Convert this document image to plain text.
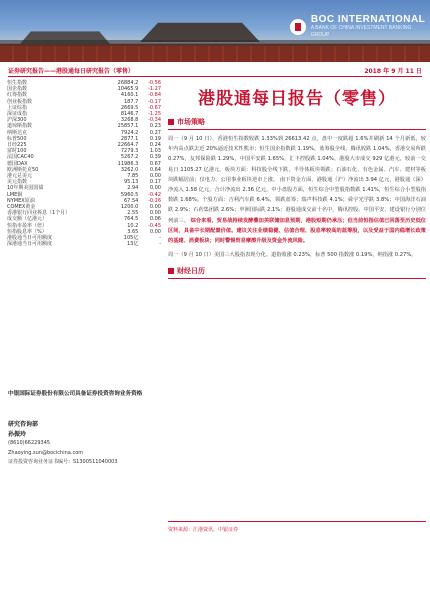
BOC INTERNATIONAL
A BANK OF CHINA INVESTMENT BANKING GROUP
证券研究报告——港股通每日研究报告（零售）	2018 年 9 月 11 日
恒生指数	26884.2	-0.56
国企指数	10465.9	-1.27
红筹指数	4160.1	-0.84
创业板指数	187.7	-0.17
上证综指	2669.5	-0.67
深证成指	8146.7	-1.25
沪深300	3268.8	-0.34
道琼斯指数	25857.1	0.23
纳斯达克	7924.2	0.27
标普500	2877.1	0.19
日经225	22664.7	0.24
富时100	7279.3	1.03
法国CAC40	5267.2	0.39
德国DAX	11986.3	0.67
欧洲斯托克50	3262.0	0.64
港元兑美元	7.85	0.00
美元指数	95.13	0.17
10年期美国国债	2.94	0.00
LME铜	5960.5	-0.42
NYMEX原油	67.54	-0.26
COMEX黄金	1200.0	0.00
香港银行同业拆息（1个月）	2.55	0.00
成交额（亿港元）	764.5	0.06
恒指市盈率（倍）	10.2	-0.45
恒指股息率（%）	3.65	0.00
港股通当日可用额度	105亿	-
深港通当日可用额度	13亿	-
港股通每日报告（零售）
市场策略

周一（9 月 10 日），香港恒生指数收跌 1.33%到 26613.42 点，盘中一度跌超 1.6%并刷新 14 个月新低，较年内高点跌去近 20%逼近技术性熊市；恒生国企指数跌 1.19%。蓝筹股全线，腾讯收跌 1.04%，香港交易所跌 0.27%，友邦保险跌 1.29%，中国平安跌 1.65%，汇丰控股跌 1.04%。港股大市成交 929 亿港元，较前一交易日 1105.27 亿港元。板块方面：科技股全线下跌，半导体板块领跌；石油石化、有色金属、汽车、建材等板块跌幅居前；仅电力、公用事业板块逆市上涨。 南下资金方面，港股通（沪）净流出 3.94 亿元，港股通（深）净流入 1.58 亿元，合计净流出 2.36 亿元。中小盘股方面，恒生综合中型股指数跌 1.41%，恒生综合小型股指数跌 1.68%。个股方面：吉利汽车跌 6.4%，领跌蓝筹；瑞声科技跌 4.1%；舜宇光学跌 3.8%；中国海洋石油跌 2.9%；石药集团跌 2.6%；申洲国际跌 2.1%；港股通成交前十名中，腾讯控股、中国平安、建设银行分别位列前三。 综合来看，贸易战持续发酵叠加美联储加息预期，港股短期仍承压；但当前恒指估值已回落至历史低位区间，具备中长期配置价值。建议关注业绩稳健、估值合理、股息率较高的蓝筹股，以及受益于国内稳增长政策的基建、消费板块；同时警惕贸易摩擦升级及资金外流风险。

周一（9 月 10 日）美国三大股指表现分化。道指收涨 0.23%，标普 500 指数涨 0.19%，纳指涨 0.27%。

财经日历
中银国际证券股份有限公司具备证券投资咨询业务资格
研究咨询部
孙振玲
(8610)66229345
Zhaoying.sun@bocichina.com
证券投资咨询业务证书编号：S1300511040003
资料来源：汇港资讯，中银证券
